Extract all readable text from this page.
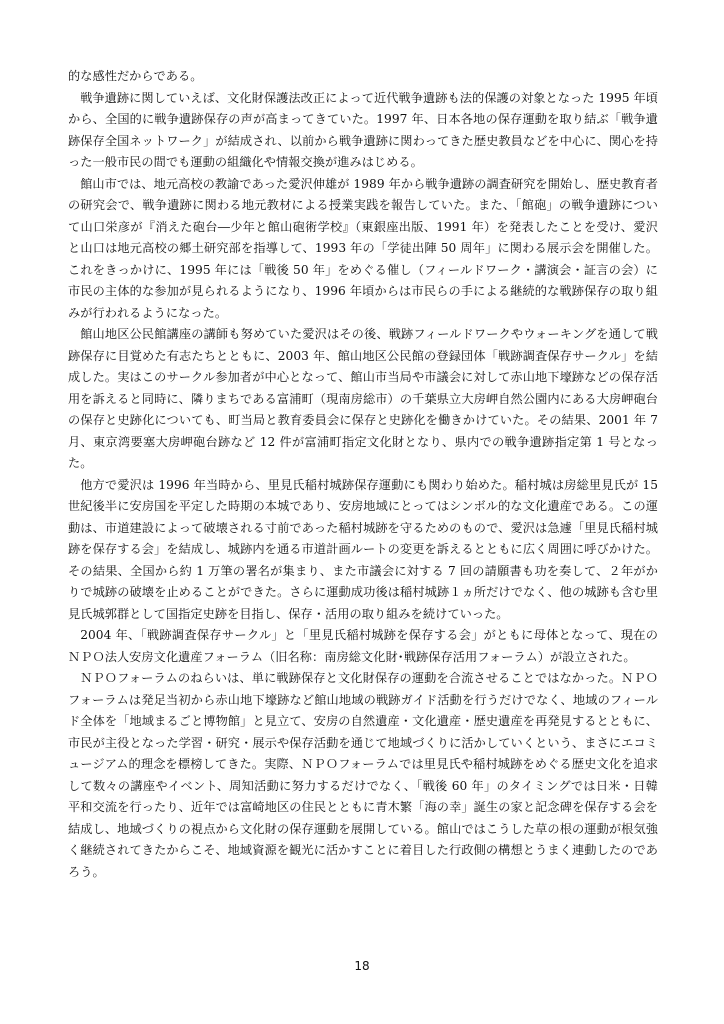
的な感性だからである。

戦争遺跡に関していえば、文化財保護法改正によって近代戦争遺跡も法的保護の対象となった 1995 年頃から、全国的に戦争遺跡保存の声が高まってきていた。1997 年、日本各地の保存運動を取り結ぶ「戦争遺跡保存全国ネットワーク」が結成され、以前から戦争遺跡に関わってきた歴史教員などを中心に、関心を持った一般市民の間でも運動の組織化や情報交換が進みはじめる。

館山市では、地元高校の教諭であった愛沢伸雄が 1989 年から戦争遺跡の調査研究を開始し、歴史教育者の研究会で、戦争遺跡に関わる地元教材による授業実践を報告していた。また、「館砲」の戦争遺跡について山口栄彦が『消えた砲台―少年と館山砲術学校』（東銀座出版、1991 年）を発表したことを受け、愛沢と山口は地元高校の郷土研究部を指導して、1993 年の「学徒出陣 50 周年」に関わる展示会を開催した。これをきっかけに、1995 年には「戦後 50 年」をめぐる催し（フィールドワーク・講演会・証言の会）に市民の主体的な参加が見られるようになり、1996 年頃からは市民らの手による継続的な戦跡保存の取り組みが行われるようになった。

館山地区公民館講座の講師も努めていた愛沢はその後、戦跡フィールドワークやウォーキングを通して戦跡保存に目覚めた有志たちとともに、2003 年、館山地区公民館の登録団体「戦跡調査保存サークル」を結成した。実はこのサークル参加者が中心となって、館山市当局や市議会に対して赤山地下壕跡などの保存活用を訴えると同時に、隣りまちである富浦町（現南房総市）の千葉県立大房岬自然公園内にある大房岬砲台の保存と史跡化についても、町当局と教育委員会に保存と史跡化を働きかけていた。その結果、2001 年 7 月、東京湾要塞大房岬砲台跡など 12 件が富浦町指定文化財となり、県内での戦争遺跡指定第 1 号となった。

他方で愛沢は 1996 年当時から、里見氏稲村城跡保存運動にも関わり始めた。稲村城は房総里見氏が 15 世紀後半に安房国を平定した時期の本城であり、安房地域にとってはシンボル的な文化遺産である。この運動は、市道建設によって破壊される寸前であった稲村城跡を守るためのもので、愛沢は急遽「里見氏稲村城跡を保存する会」を結成し、城跡内を通る市道計画ルートの変更を訴えるとともに広く周囲に呼びかけた。その結果、全国から約 1 万筆の署名が集まり、また市議会に対する 7 回の請願書も功を奏して、２年がかりで城跡の破壊を止めることができた。さらに運動成功後は稲村城跡１ヵ所だけでなく、他の城跡も含む里見氏城郭群として国指定史跡を目指し、保存・活用の取り組みを続けていった。

2004 年、「戦跡調査保存サークル」と「里見氏稲村城跡を保存する会」がともに母体となって、現在のＮＰＯ法人安房文化遺産フォーラム（旧名称：南房総文化財･戦跡保存活用フォーラム）が設立された。

ＮＰＯフォーラムのねらいは、単に戦跡保存と文化財保存の運動を合流させることではなかった。ＮＰＯフォーラムは発足当初から赤山地下壕跡など館山地域の戦跡ガイド活動を行うだけでなく、地域のフィールド全体を「地域まるごと博物館」と見立て、安房の自然遺産・文化遺産・歴史遺産を再発見するとともに、市民が主役となった学習・研究・展示や保存活動を通じて地域づくりに活かしていくという、まさにエコミュージアム的理念を標榜してきた。実際、ＮＰＯフォーラムでは里見氏や稲村城跡をめぐる歴史文化を追求して数々の講座やイベント、周知活動に努力するだけでなく、「戦後 60 年」のタイミングでは日米・日韓平和交流を行ったり、近年では富崎地区の住民とともに青木繁「海の幸」誕生の家と記念碑を保存する会を結成し、地域づくりの視点から文化財の保存運動を展開している。館山ではこうした草の根の運動が根気強く継続されてきたからこそ、地域資源を観光に活かすことに着目した行政側の構想とうまく連動したのであろう。

18
